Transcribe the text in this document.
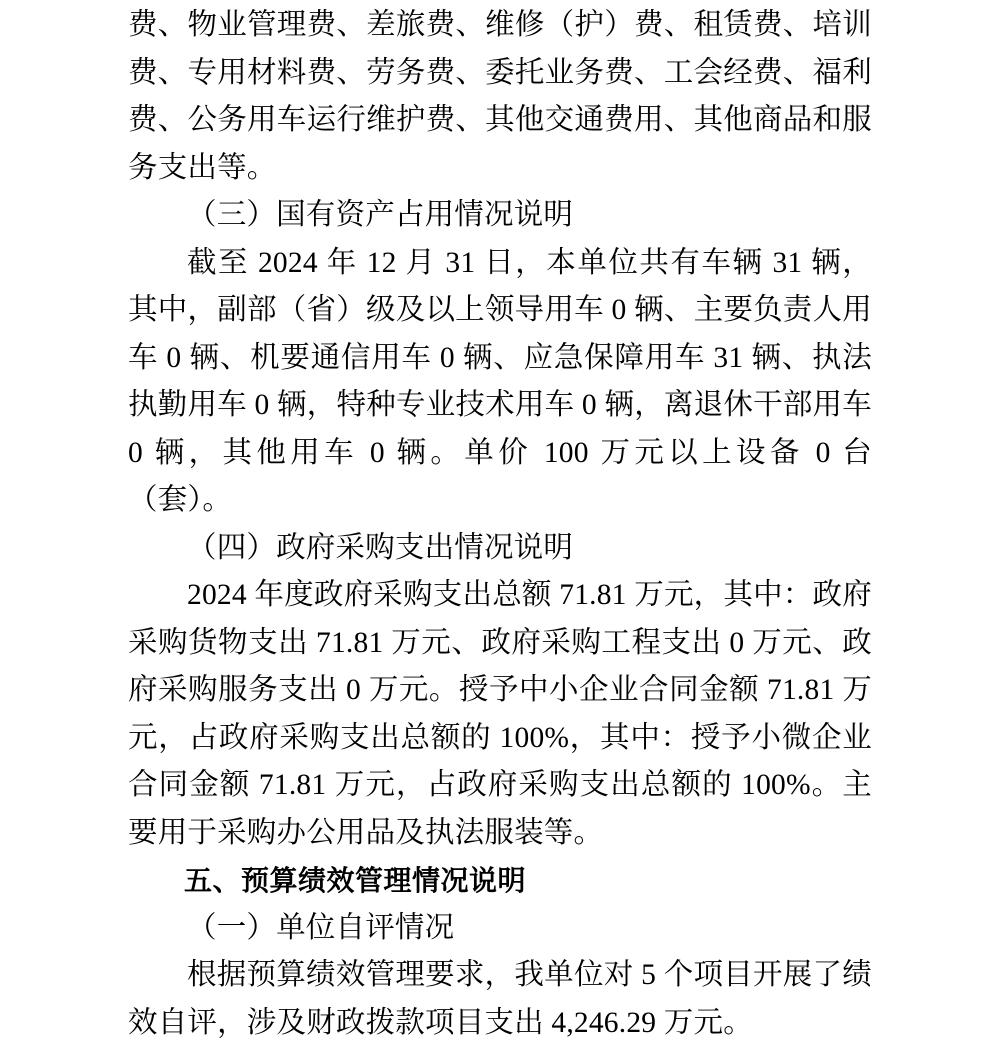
费、物业管理费、差旅费、维修（护）费、租赁费、培训费、专用材料费、劳务费、委托业务费、工会经费、福利费、公务用车运行维护费、其他交通费用、其他商品和服务支出等。

（三）国有资产占用情况说明

截至 2024 年 12 月 31 日，本单位共有车辆 31 辆，其中，副部（省）级及以上领导用车 0 辆、主要负责人用车 0 辆、机要通信用车 0 辆、应急保障用车 31 辆、执法执勤用车 0 辆，特种专业技术用车 0 辆，离退休干部用车 0 辆，其他用车 0 辆。单价 100 万元以上设备 0 台（套）。

（四）政府采购支出情况说明

2024 年度政府采购支出总额 71.81 万元，其中：政府采购货物支出 71.81 万元、政府采购工程支出 0 万元、政府采购服务支出 0 万元。授予中小企业合同金额 71.81 万元，占政府采购支出总额的 100%，其中：授予小微企业合同金额 71.81 万元，占政府采购支出总额的 100%。主要用于采购办公用品及执法服装等。

五、预算绩效管理情况说明

（一）单位自评情况

根据预算绩效管理要求，我单位对 5 个项目开展了绩效自评，涉及财政拨款项目支出 4,246.29 万元。
